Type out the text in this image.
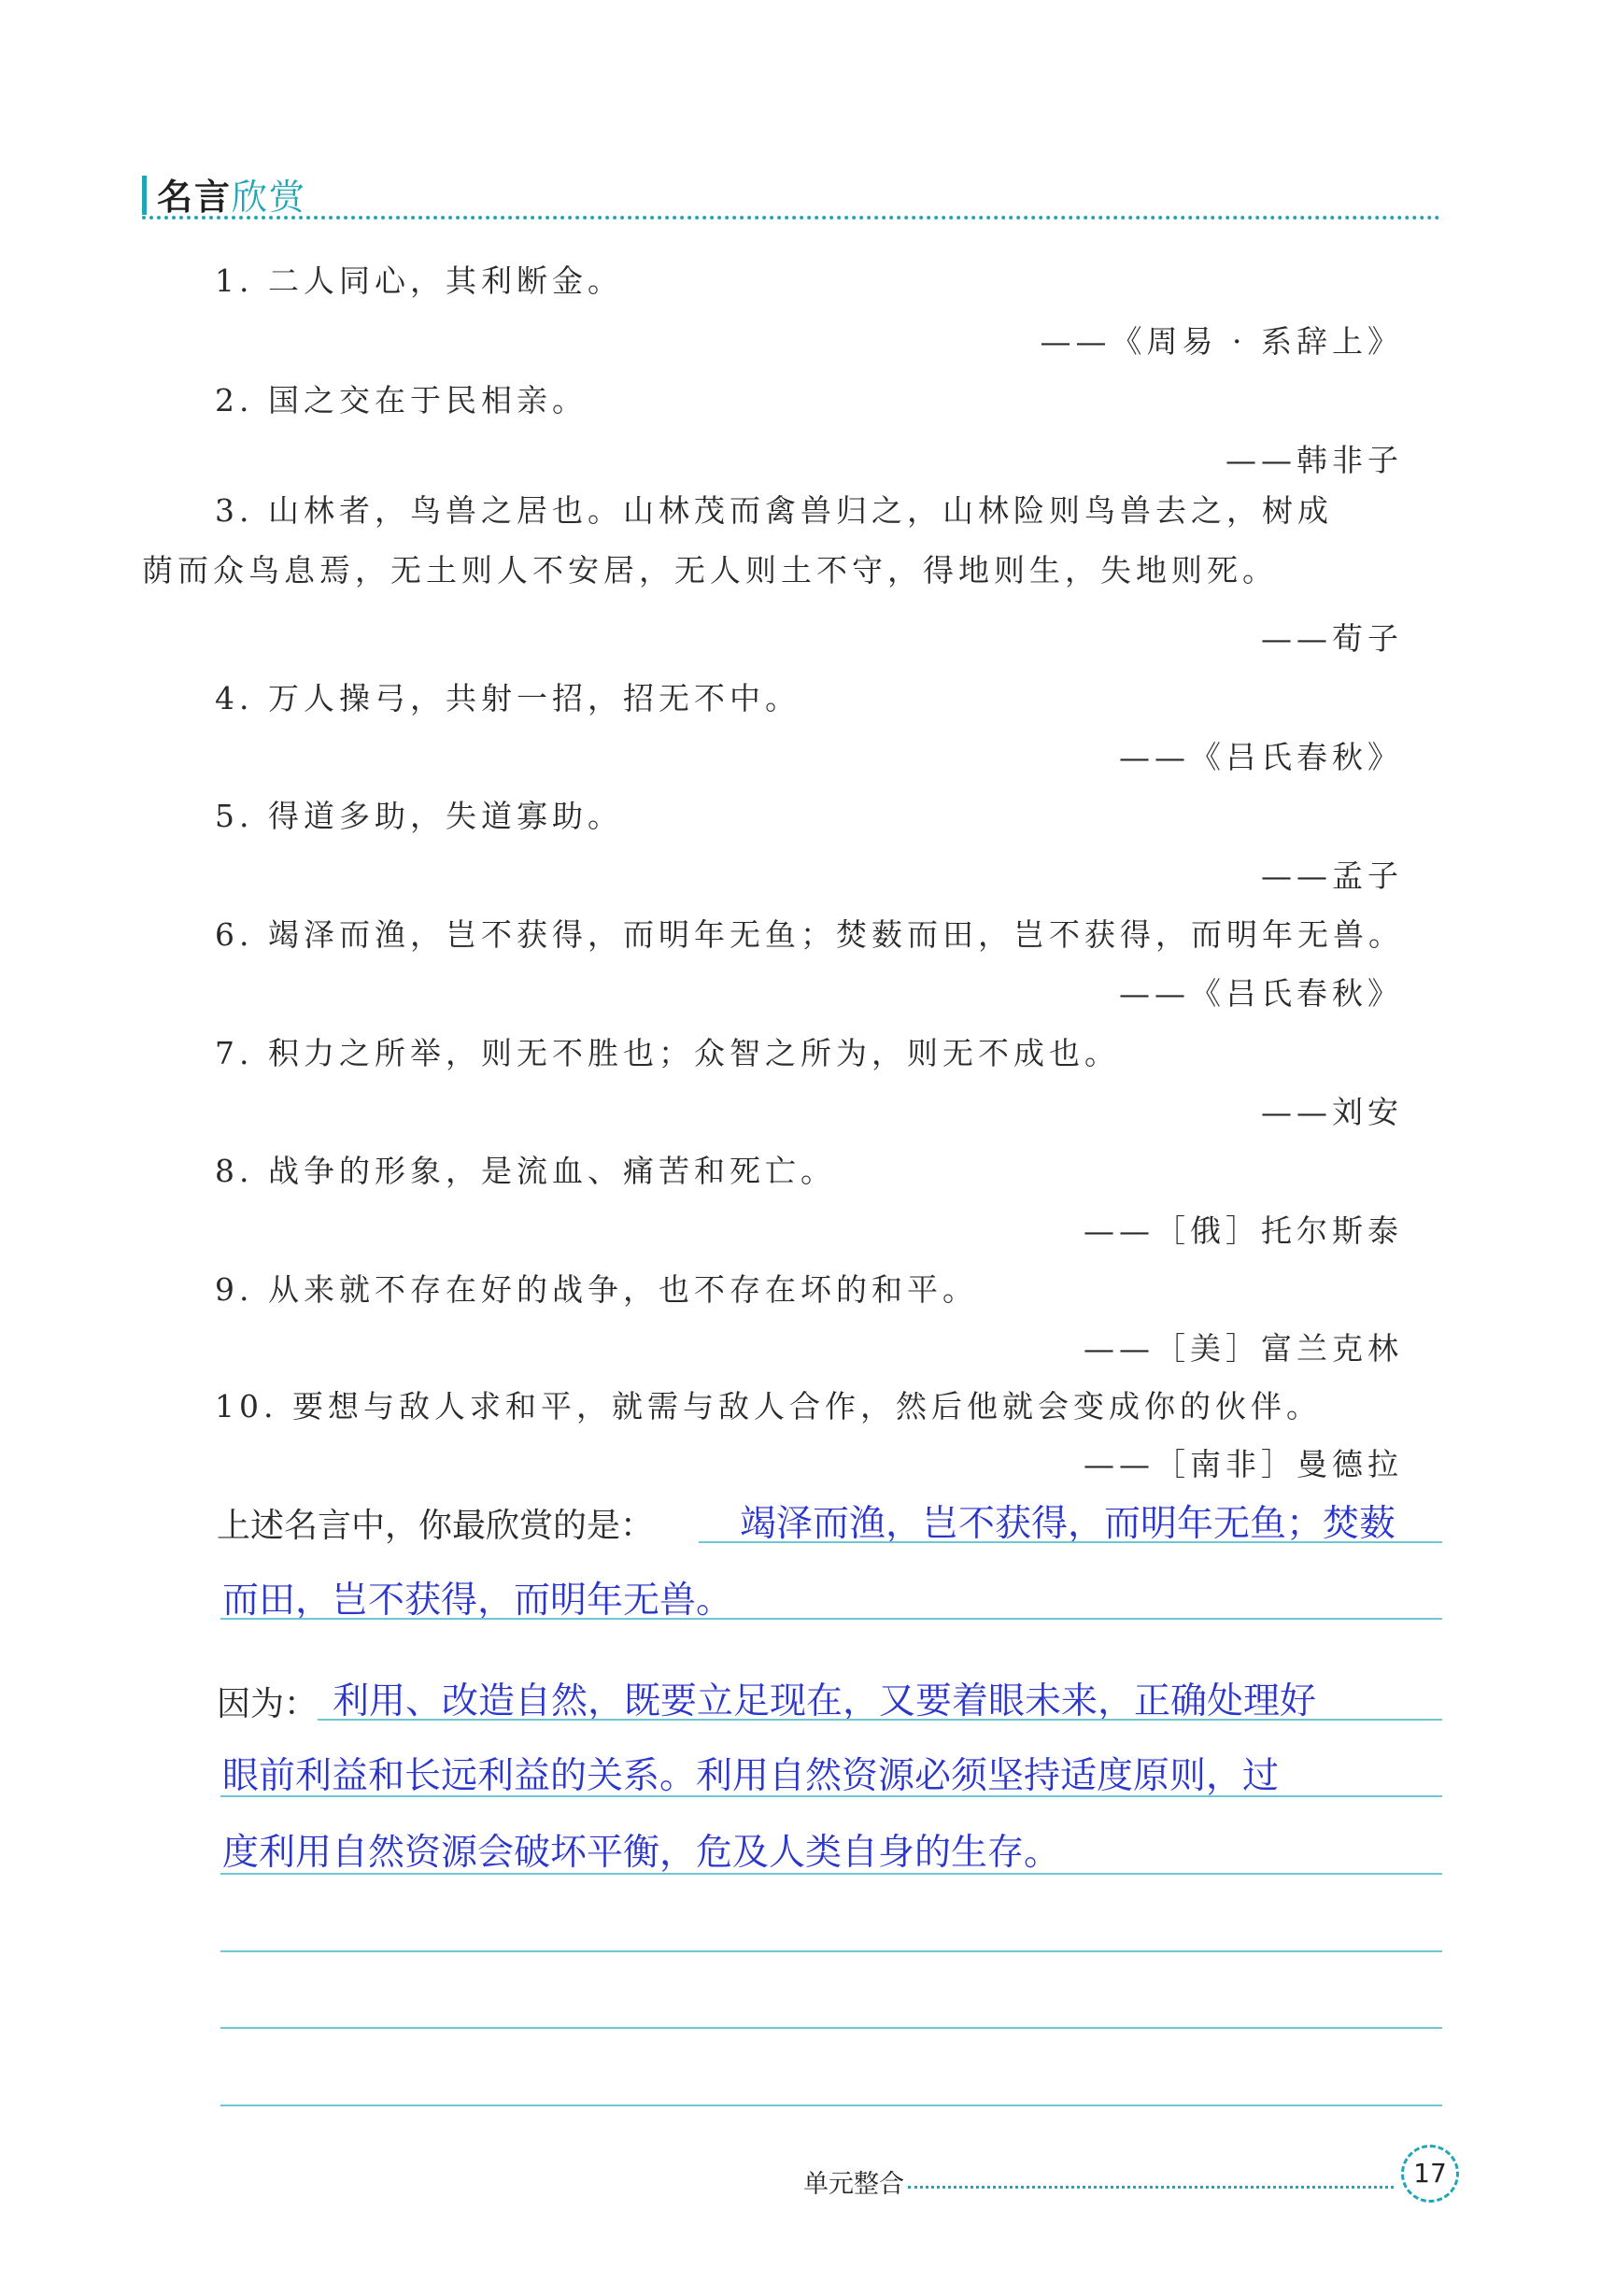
名言欣赏
1. 二人同心，其利断金。
——《周易 · 系辞上》
2. 国之交在于民相亲。
——韩非子
3. 山林者，鸟兽之居也。山林茂而禽兽归之，山林险则鸟兽去之，树成荫而众鸟息焉，无土则人不安居，无人则土不守，得地则生，失地则死。
——荀子
4. 万人操弓，共射一招，招无不中。
——《吕氏春秋》
5. 得道多助，失道寡助。
——孟子
6. 竭泽而渔，岂不获得，而明年无鱼；焚薮而田，岂不获得，而明年无兽。
——《吕氏春秋》
7. 积力之所举，则无不胜也；众智之所为，则无不成也。
——刘安
8. 战争的形象，是流血、痛苦和死亡。
——［俄］托尔斯泰
9. 从来就不存在好的战争，也不存在坏的和平。
——［美］富兰克林
10. 要想与敌人求和平，就需与敌人合作，然后他就会变成你的伙伴。
——［南非］曼德拉
上述名言中，你最欣赏的是： 竭泽而渔，岂不获得，而明年无鱼；焚薮
而田，岂不获得，而明年无兽。
因为： 利用、改造自然，既要立足现在，又要着眼未来，正确处理好
眼前利益和长远利益的关系。利用自然资源必须坚持适度原则，过
度利用自然资源会破坏平衡，危及人类自身的生存。
单元整合	17
